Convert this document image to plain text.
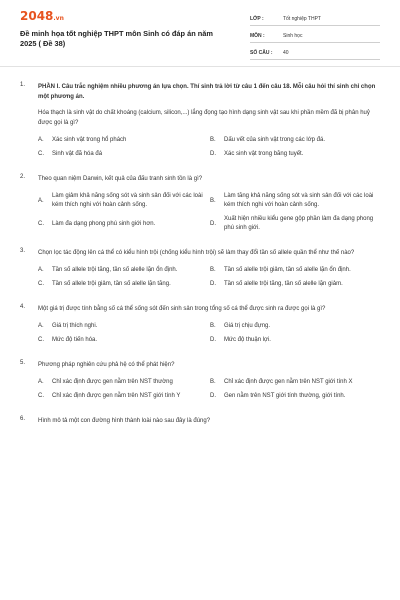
2048.vn
Đề minh họa tốt nghiệp THPT môn Sinh có đáp án năm 2025 ( Đề 38)
LỚP :	Tốt nghiệp THPT
MÔN :	Sinh học
SỐ CÂU :	40
1. PHẦN I. Câu trắc nghiệm nhiều phương án lựa chọn. Thí sinh trả lời từ câu 1 đến câu 18. Mỗi câu hỏi thí sinh chỉ chọn một phương án.
Hóa thạch là sinh vật do chất khoáng (calcium, silicon,...) lắng đọng tạo hình dạng sinh vật sau khi phần mềm đã bị phân huỷ được gọi là gì?
A.	Xác sinh vật trong hổ phách	B.	Dấu vết của sinh vật trong các lớp đá.
C.	Sinh vật đã hóa đá	D.	Xác sinh vật trong băng tuyết.
2. Theo quan niệm Darwin, kết quả của đấu tranh sinh tồn là gì?
A.
Làm giảm khả năng sống sót và sinh sản đối với các loài kém thích nghi với hoàn cảnh sống.
B.
Làm tăng khả năng sống sót và sinh sản đối với các loài kém thích nghi với hoàn cảnh sống.
C.	Làm đa dạng phong phú sinh giới hơn.	D.
Xuất hiện nhiều kiểu gene gộp phần làm đa dạng phong phú sinh giới.
3. Chọn lọc tác động lên cá thể có kiểu hình trội (chống kiểu hình trội) sẽ làm thay đổi tần số allele quần thể như thế nào?
A.	Tần số allele trội tăng, tần số alelle lặn ổn định.	B.	Tần số alelle trội giảm, tần số alelle lặn ổn định.
C.	Tần số allele trội giảm, tần số alelle lặn tăng.	D.	Tần số alelle trội tăng, tần số alelle lặn giảm.
4. Một giá trị được tính bằng số cá thể sống sót đến sinh sản trong tổng số cá thể được sinh ra được gọi là gì?
A.	Giá trị thích nghi.	B.	Giá trị chịu đựng.
C.	Mức độ tiến hóa.	D.	Mức độ thuận lợi.
5. Phương pháp nghiên cứu phả hệ có thể phát hiện?
A.	Chỉ xác định được gen nằm trên NST thường	B.	Chỉ xác định được gen nằm trên NST giới tính X
C.	Chỉ xác định được gen nằm trên NST giới tính Y	D.	Gen nằm trên NST giới tính thường, giới tính.
6. Hình mô tả một con đường hình thành loài nào sau đây là đúng?
